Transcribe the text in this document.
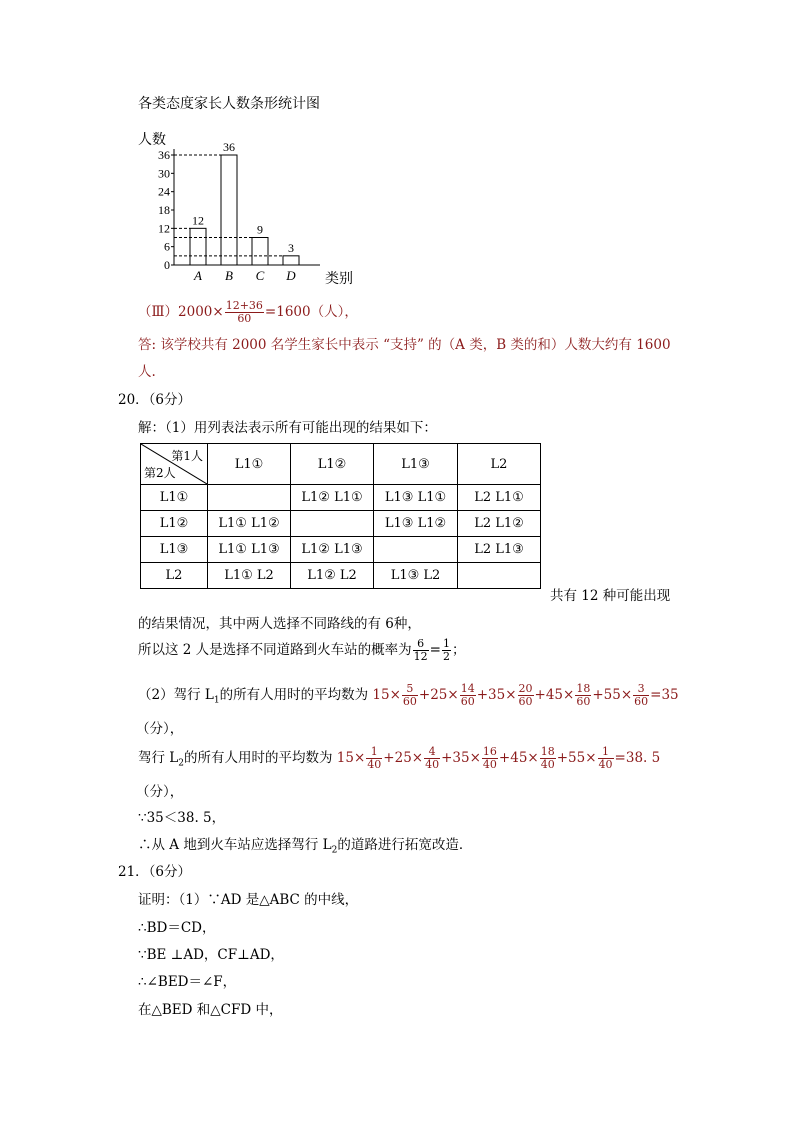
各类态度家长人数条形统计图
人数
类别
0
6
12
18
24
30
36
12
A
36
B
9
C
3
D
（Ⅲ）2000× $\frac{12+36}{60} =1600$（人），
答: 该学校共有 2000 名学生家长中表示 “支持” 的（A 类，B 类的和）人数大约有 1600
人.
20．（6分）
解：（1）用列表法表示所有可能出现的结果如下：
第1人
第2人	L1①	L1②	L1③	L2
L1①		L1② L1①	L1③ L1①	L2 L1①
L1②	L1① L1②		L1③ L1②	L2 L1②
L1③	L1① L1③	L1② L1③		L2 L1③
L2	L1① L2	L1② L2	L1③ L2	
共有 12 种可能出现
的结果情况，其中两人选择不同路线的有 6种，
所以这 2 人是选择不同道路到火车站的概率为 $\frac{6}{12} = \frac{1}{2}$ ；
（2）驾行 $L_1$的所有人用时的平均数为 $15\times \frac{5}{60} +25\times \frac{14}{60} +35\times \frac{20}{60} +45\times \frac{18}{60} +55\times \frac{3}{60} =35$
（分），
驾行 $L_2$的所有人用时的平均数为 $15\times \frac{1}{40} +25\times \frac{4}{40} +35\times \frac{16}{40} +45\times \frac{18}{40} +55\times \frac{1}{40} =38$. 5
（分），
∵35＜38. 5，
∴从 A 地到火车站应选择驾行 $L_2$的道路进行拓宽改造．
21．（6分）
证明：（1）∵AD 是△ABC 的中线，
∴BD＝CD，
∵BE ⊥AD，CF⊥AD，
∴∠BED＝∠F，
在△BED 和△CFD 中，
